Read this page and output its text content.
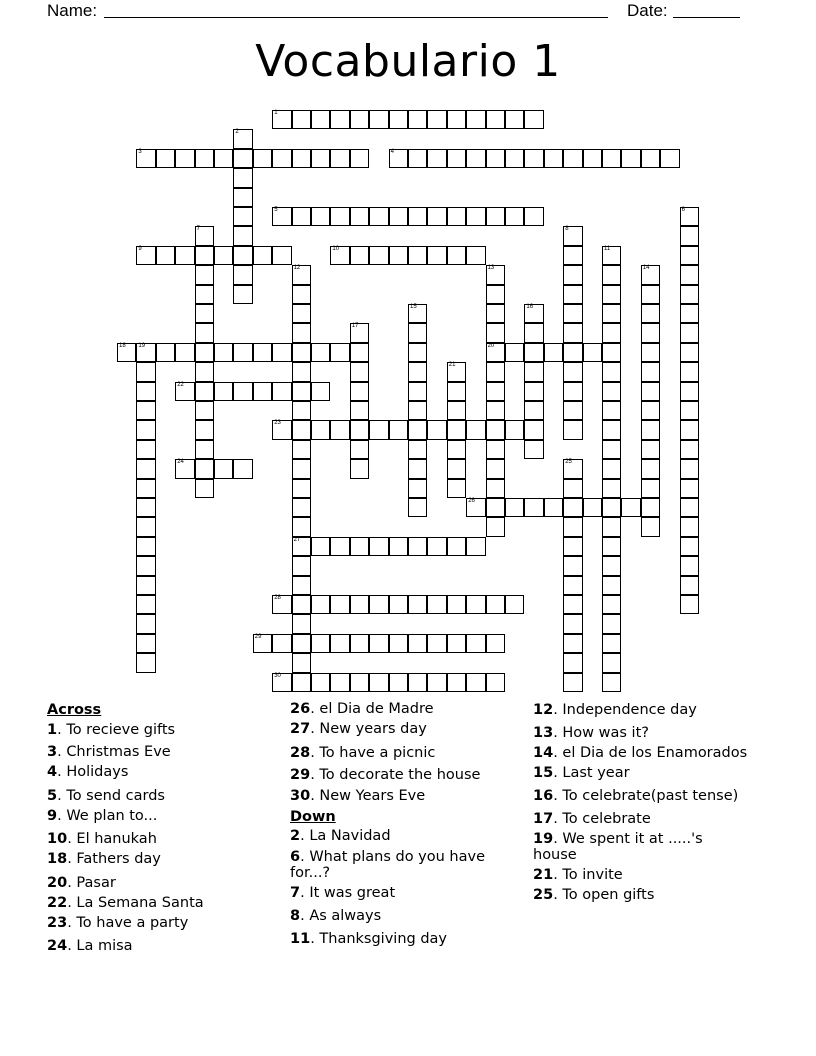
Name:	Date:
Vocabulario 1
1
3	4
5
9	10
18 19	20
22
23
24
26
27
28
29
30
2
6
7	8
11
12	13	14
15	16
17
21
25
Across
1. To recieve gifts
3. Christmas Eve
4. Holidays
5. To send cards
9. We plan to...
10. El hanukah
18. Fathers day
20. Pasar
22. La Semana Santa
23. To have a party
24. La misa
26. el Dia de Madre
27. New years day
28. To have a picnic
29. To decorate the house
30. New Years Eve
Down
2. La Navidad
6. What plans do you have for...?
7. It was great
8. As always
11. Thanksgiving day
12. Independence day
13. How was it?
14. el Dia de los Enamorados
15. Last year
16. To celebrate(past tense)
17. To celebrate
19. We spent it at .....'s house
21. To invite
25. To open gifts
